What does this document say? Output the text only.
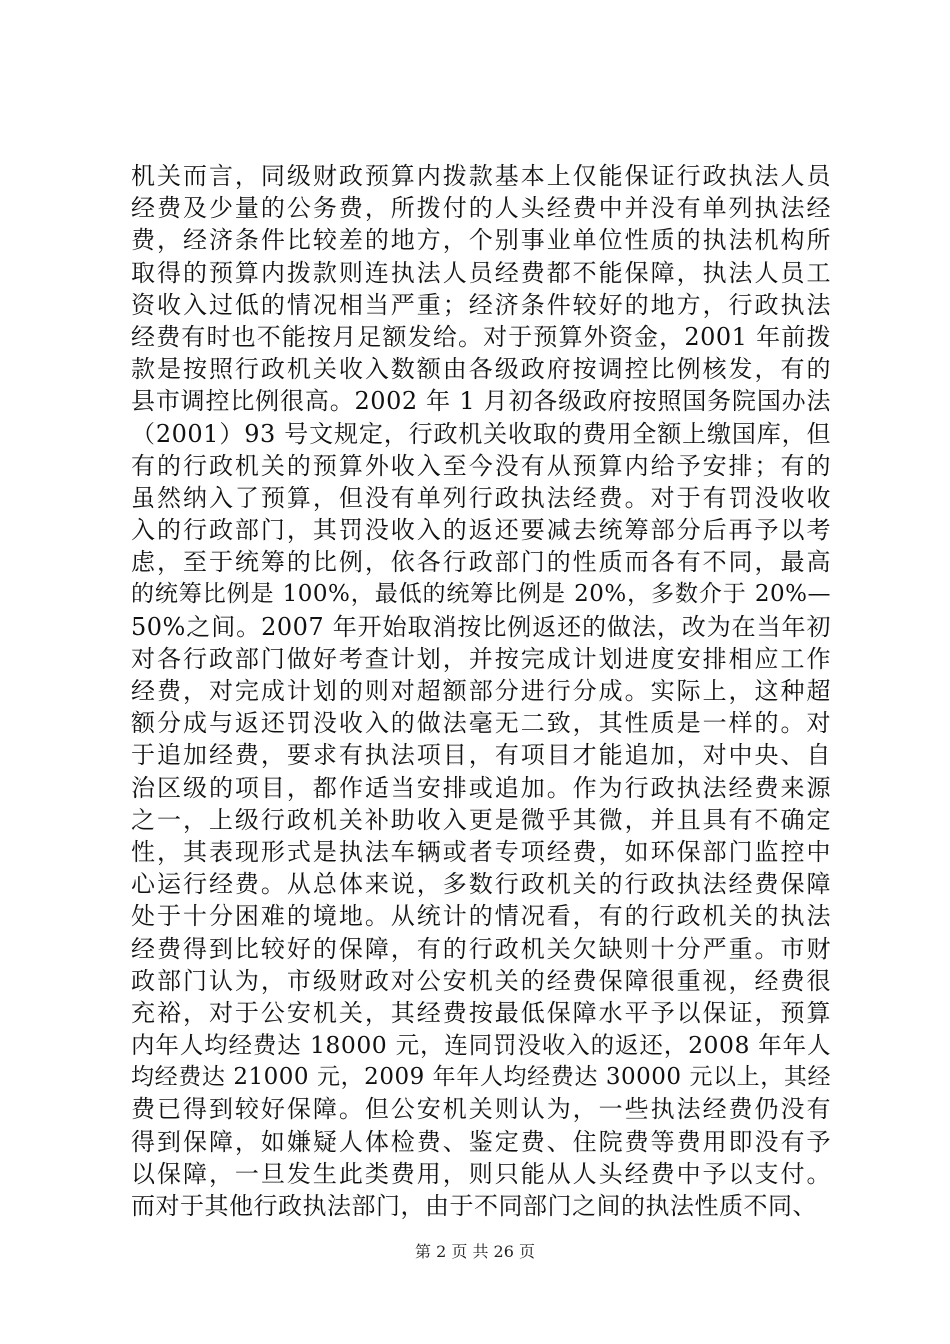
机关而言，同级财政预算内拨款基本上仅能保证行政执法人员
经费及少量的公务费，所拨付的人头经费中并没有单列执法经
费，经济条件比较差的地方，个别事业单位性质的执法机构所
取得的预算内拨款则连执法人员经费都不能保障，执法人员工
资收入过低的情况相当严重；经济条件较好的地方，行政执法
经费有时也不能按月足额发给。对于预算外资金，2001 年前拨
款是按照行政机关收入数额由各级政府按调控比例核发，有的
县市调控比例很高。2002 年 1 月初各级政府按照国务院国办法
（2001）93 号文规定，行政机关收取的费用全额上缴国库，但
有的行政机关的预算外收入至今没有从预算内给予安排；有的
虽然纳入了预算，但没有单列行政执法经费。对于有罚没收收
入的行政部门，其罚没收入的返还要减去统筹部分后再予以考
虑，至于统筹的比例，依各行政部门的性质而各有不同，最高
的统筹比例是 100%，最低的统筹比例是 20%，多数介于 20%—
50%之间。2007 年开始取消按比例返还的做法，改为在当年初
对各行政部门做好考查计划，并按完成计划进度安排相应工作
经费，对完成计划的则对超额部分进行分成。实际上，这种超
额分成与返还罚没收入的做法毫无二致，其性质是一样的。对
于追加经费，要求有执法项目，有项目才能追加，对中央、自
治区级的项目，都作适当安排或追加。作为行政执法经费来源
之一，上级行政机关补助收入更是微乎其微，并且具有不确定
性，其表现形式是执法车辆或者专项经费，如环保部门监控中
心运行经费。从总体来说，多数行政机关的行政执法经费保障
处于十分困难的境地。从统计的情况看，有的行政机关的执法
经费得到比较好的保障，有的行政机关欠缺则十分严重。市财
政部门认为，市级财政对公安机关的经费保障很重视，经费很
充裕，对于公安机关，其经费按最低保障水平予以保证，预算
内年人均经费达 18000 元，连同罚没收入的返还，2008 年年人
均经费达 21000 元，2009 年年人均经费达 30000 元以上，其经
费已得到较好保障。但公安机关则认为，一些执法经费仍没有
得到保障，如嫌疑人体检费、鉴定费、住院费等费用即没有予
以保障，一旦发生此类费用，则只能从人头经费中予以支付。
而对于其他行政执法部门，由于不同部门之间的执法性质不同、
第 2 页 共 26 页
